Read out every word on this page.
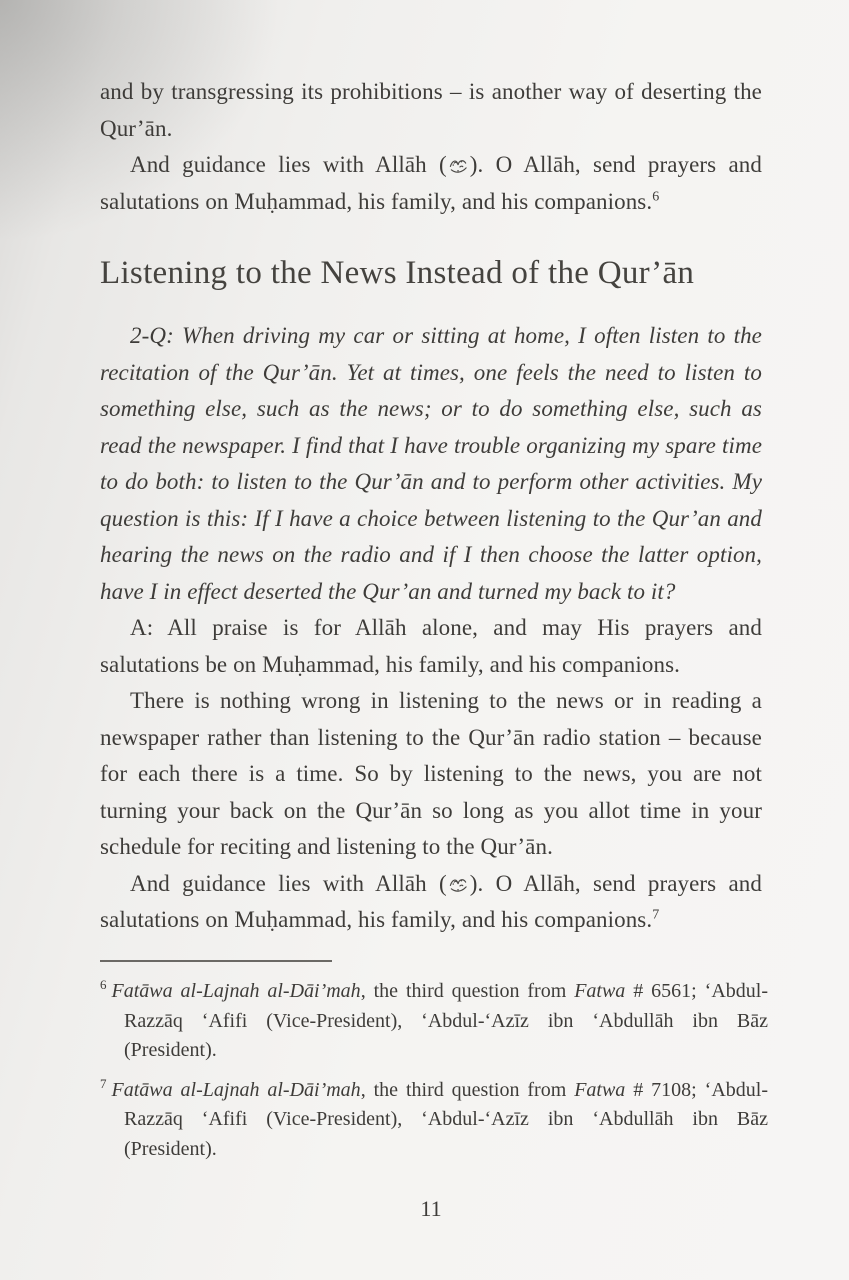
and by transgressing its prohibitions – is another way of deserting the Qur’ān.

And guidance lies with Allāh ( ). O Allāh, send prayers and salutations on Muḥammad, his family, and his companions.$^6$

Listening to the News Instead of the Qur’ān

2-Q: When driving my car or sitting at home, I often listen to the recitation of the Qur’ān. Yet at times, one feels the need to listen to something else, such as the news; or to do something else, such as read the newspaper. I find that I have trouble organizing my spare time to do both: to listen to the Qur’ān and to perform other activities. My question is this: If I have a choice between listening to the Qur’an and hearing the news on the radio and if I then choose the latter option, have I in effect deserted the Qur’an and turned my back to it?

A: All praise is for Allāh alone, and may His prayers and salutations be on Muḥammad, his family, and his companions.

There is nothing wrong in listening to the news or in reading a newspaper rather than listening to the Qur’ān radio station – because for each there is a time. So by listening to the news, you are not turning your back on the Qur’ān so long as you allot time in your schedule for reciting and listening to the Qur’ān.

And guidance lies with Allāh ( ). O Allāh, send prayers and salutations on Muḥammad, his family, and his companions.$^7$

$^6$ Fatāwa al-Lajnah al-Dāi’mah, the third question from Fatwa # 6561; ‘Abdul-Razzāq ‘Afifi (Vice-President), ‘Abdul-‘Azīz ibn ‘Abdullāh ibn Bāz (President).

$^7$ Fatāwa al-Lajnah al-Dāi’mah, the third question from Fatwa # 7108; ‘Abdul-Razzāq ‘Afifi (Vice-President), ‘Abdul-‘Azīz ibn ‘Abdullāh ibn Bāz (President).

11
